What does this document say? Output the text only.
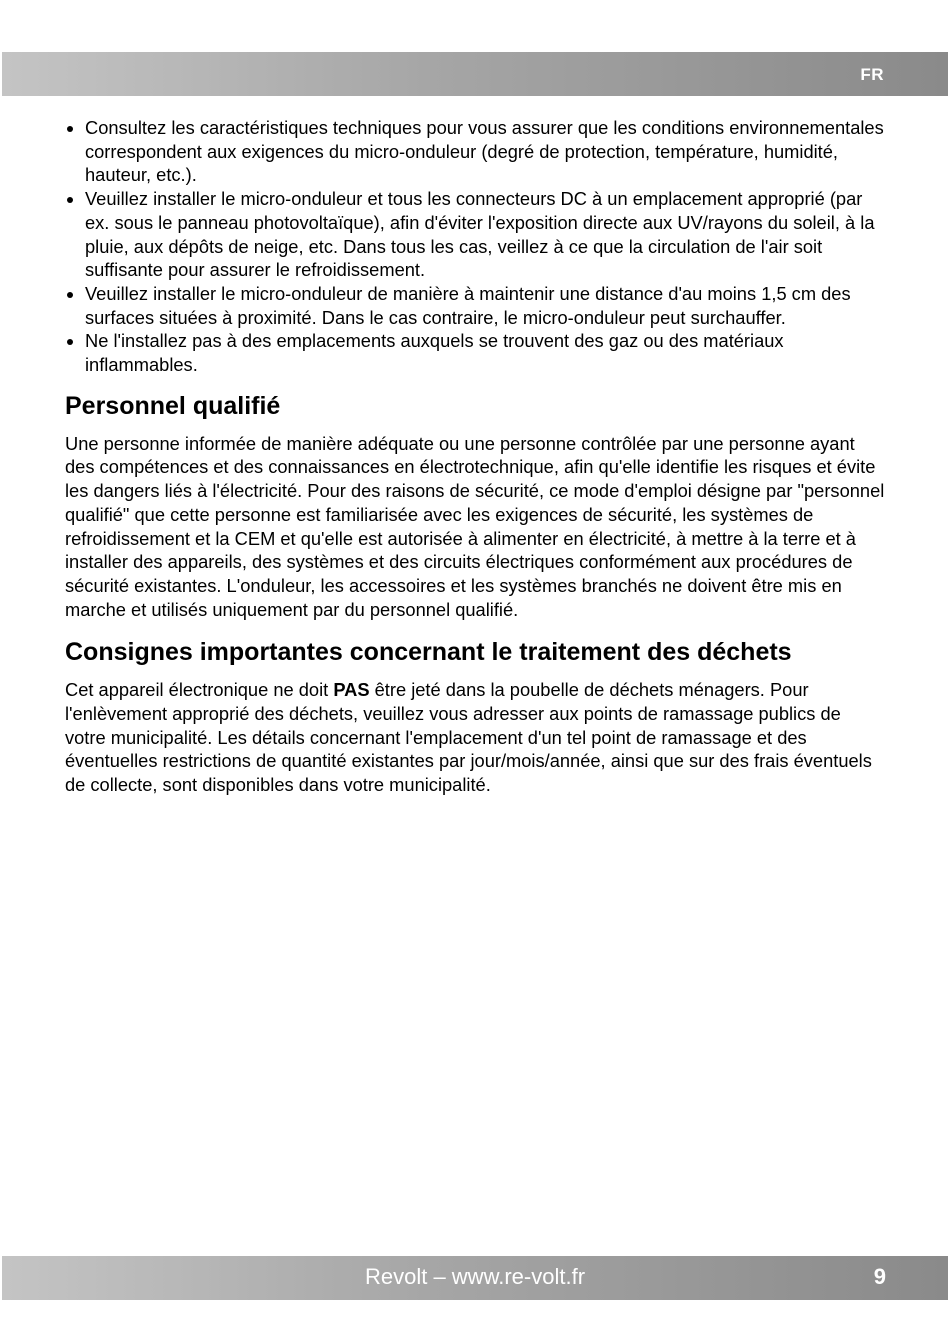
FR
Consultez les caractéristiques techniques pour vous assurer que les conditions environnementales correspondent aux exigences du micro-onduleur (degré de protection, température, humidité, hauteur, etc.).
Veuillez installer le micro-onduleur et tous les connecteurs DC à un emplacement approprié (par ex. sous le panneau photovoltaïque), afin d'éviter l'exposition directe aux UV/rayons du soleil, à la pluie, aux dépôts de neige, etc. Dans tous les cas, veillez à ce que la circulation de l'air soit suffisante pour assurer le refroidissement.
Veuillez installer le micro-onduleur de manière à maintenir une distance d'au moins 1,5 cm des surfaces situées à proximité. Dans le cas contraire, le micro-onduleur peut surchauffer.
Ne l'installez pas à des emplacements auxquels se trouvent des gaz ou des matériaux inflammables.
Personnel qualifié

Une personne informée de manière adéquate ou une personne contrôlée par une personne ayant des compétences et des connaissances en électrotechnique, afin qu'elle identifie les risques et évite les dangers liés à l'électricité. Pour des raisons de sécurité, ce mode d'emploi désigne par "personnel qualifié" que cette personne est familiarisée avec les exigences de sécurité, les systèmes de refroidissement et la CEM et qu'elle est autorisée à alimenter en électricité, à mettre à la terre et à installer des appareils, des systèmes et des circuits électriques conformément aux procédures de sécurité existantes. L'onduleur, les accessoires et les systèmes branchés ne doivent être mis en marche et utilisés uniquement par du personnel qualifié.

Consignes importantes concernant le traitement des déchets

Cet appareil électronique ne doit PAS être jeté dans la poubelle de déchets ménagers. Pour l'enlèvement approprié des déchets, veuillez vous adresser aux points de ramassage publics de votre municipalité. Les détails concernant l'emplacement d'un tel point de ramassage et des éventuelles restrictions de quantité existantes par jour/mois/année, ainsi que sur des frais éventuels de collecte, sont disponibles dans votre municipalité.

Revolt – www.re-volt.fr	9
